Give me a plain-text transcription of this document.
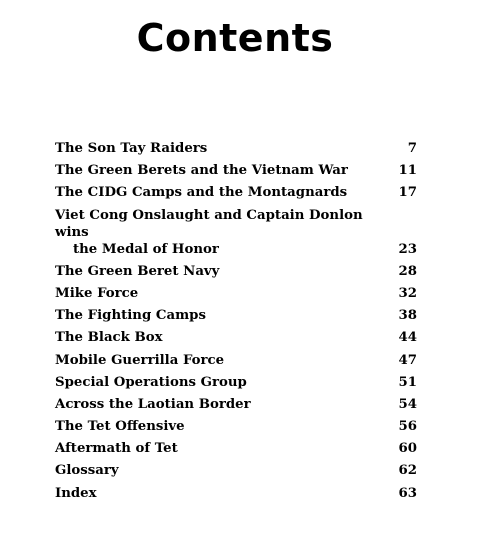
Contents
The Son Tay Raiders	7
The Green Berets and the Vietnam War	11
The CIDG Camps and the Montagnards	17
Viet Cong Onslaught and Captain Donlon wins
the Medal of Honor	23
The Green Beret Navy	28
Mike Force	32
The Fighting Camps	38
The Black Box	44
Mobile Guerrilla Force	47
Special Operations Group	51
Across the Laotian Border	54
The Tet Offensive	56
Aftermath of Tet	60
Glossary	62
Index	63
